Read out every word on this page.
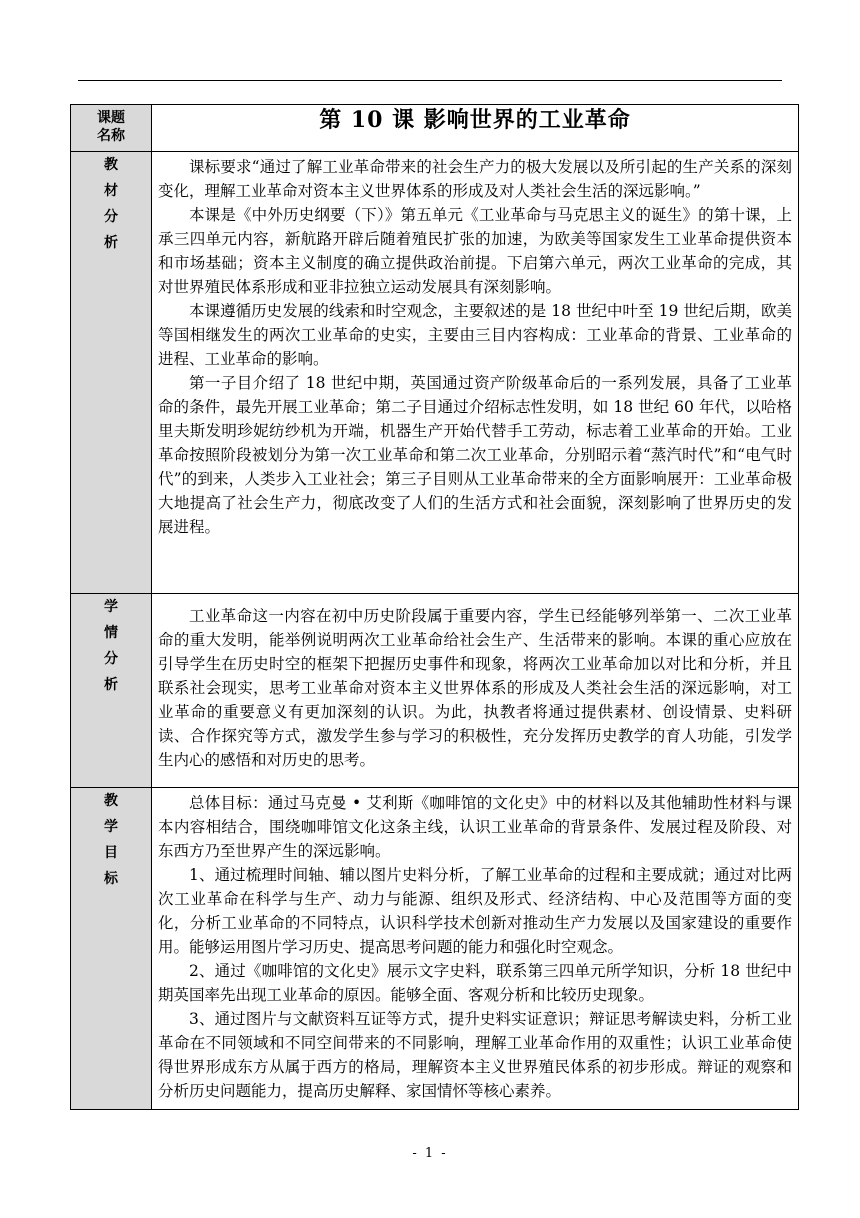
课题名称	第 10 课 影响世界的工业革命
教材分析	课标要求“通过了解工业革命带来的社会生产力的极大发展以及所引起的生产关系的深刻变化，理解工业革命对资本主义世界体系的形成及对人类社会生活的深远影响。”

本课是《中外历史纲要（下）》第五单元《工业革命与马克思主义的诞生》的第十课，上承三四单元内容，新航路开辟后随着殖民扩张的加速，为欧美等国家发生工业革命提供资本和市场基础；资本主义制度的确立提供政治前提。下启第六单元，两次工业革命的完成，其对世界殖民体系形成和亚非拉独立运动发展具有深刻影响。

本课遵循历史发展的线索和时空观念，主要叙述的是 18 世纪中叶至 19 世纪后期，欧美等国相继发生的两次工业革命的史实，主要由三目内容构成：工业革命的背景、工业革命的进程、工业革命的影响。

第一子目介绍了 18 世纪中期，英国通过资产阶级革命后的一系列发展，具备了工业革命的条件，最先开展工业革命；第二子目通过介绍标志性发明，如 18 世纪 60 年代，以哈格里夫斯发明珍妮纺纱机为开端，机器生产开始代替手工劳动，标志着工业革命的开始。工业革命按照阶段被划分为第一次工业革命和第二次工业革命，分别昭示着“蒸汽时代”和“电气时代”的到来，人类步入工业社会；第三子目则从工业革命带来的全方面影响展开：工业革命极大地提高了社会生产力，彻底改变了人们的生活方式和社会面貌，深刻影响了世界历史的发展进程。

学情分析	工业革命这一内容在初中历史阶段属于重要内容，学生已经能够列举第一、二次工业革命的重大发明，能举例说明两次工业革命给社会生产、生活带来的影响。本课的重心应放在引导学生在历史时空的框架下把握历史事件和现象，将两次工业革命加以对比和分析，并且联系社会现实，思考工业革命对资本主义世界体系的形成及人类社会生活的深远影响，对工业革命的重要意义有更加深刻的认识。为此，执教者将通过提供素材、创设情景、史料研读、合作探究等方式，激发学生参与学习的积极性，充分发挥历史教学的育人功能，引发学生内心的感悟和对历史的思考。

教学目标	总体目标：通过马克曼 • 艾利斯《咖啡馆的文化史》中的材料以及其他辅助性材料与课本内容相结合，围绕咖啡馆文化这条主线，认识工业革命的背景条件、发展过程及阶段、对东西方乃至世界产生的深远影响。

1、通过梳理时间轴、辅以图片史料分析，了解工业革命的过程和主要成就；通过对比两次工业革命在科学与生产、动力与能源、组织及形式、经济结构、中心及范围等方面的变化，分析工业革命的不同特点，认识科学技术创新对推动生产力发展以及国家建设的重要作用。能够运用图片学习历史、提高思考问题的能力和强化时空观念。

2、通过《咖啡馆的文化史》展示文字史料，联系第三四单元所学知识，分析 18 世纪中期英国率先出现工业革命的原因。能够全面、客观分析和比较历史现象。

3、通过图片与文献资料互证等方式，提升史料实证意识；辩证思考解读史料，分析工业革命在不同领域和不同空间带来的不同影响，理解工业革命作用的双重性；认识工业革命使得世界形成东方从属于西方的格局，理解资本主义世界殖民体系的初步形成。辩证的观察和分析历史问题能力，提高历史解释、家国情怀等核心素养。

- 1 -
